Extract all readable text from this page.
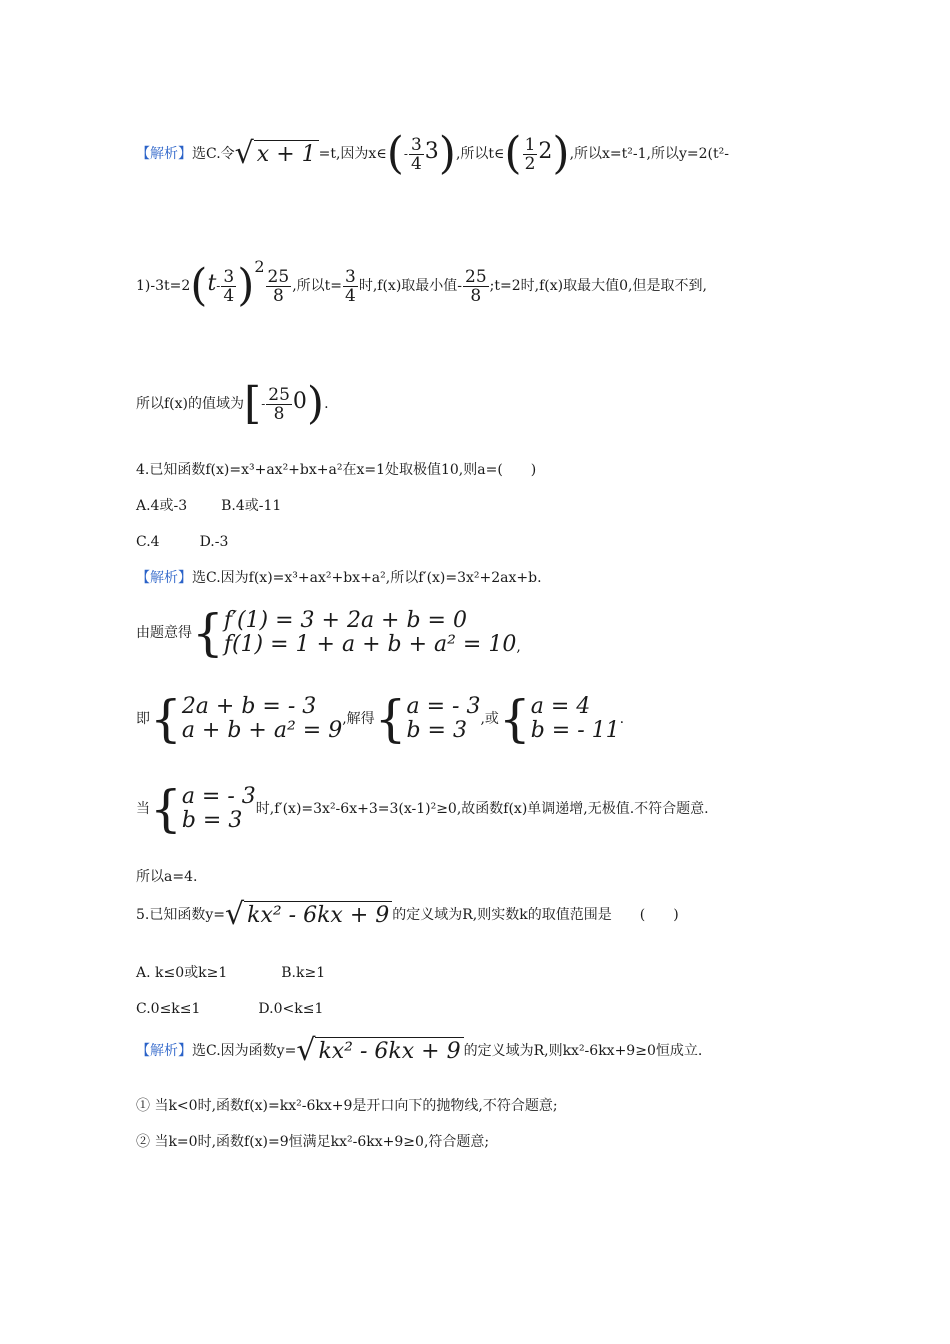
【解析】选C.令 √ x + 1 =t,因为x∈(- $\frac{3}{4} 3$),所以t∈( $\frac{1}{2} 2$),所以x=t²-1,所以y=2(t²-
$1)-3t=2(t- \frac{3}{4} )2$
$\frac{25}{8}$ ,所以$t= \frac{3}{4}$ 时,f(x)取最小值- $\frac{25}{8}$ ;t=2时,f(x)取最大值0,但是取不到,
所以f(x)的值域为[- $\frac{25}{8} 0$).
4.已知函数f(x)=x³+ax²+bx+a²在x=1处取极值10,则a=(　　)
A.4或-3 B.4或-11
C.4	D.-3
【解析】选C.因为f(x)=x³+ax²+bx+a²,所以f′(x)=3x²+2ax+b.
由题意得{ f′(1) = 3 + 2a + b = 0
f(1) = 1 + a + b + a² = 10 ,
即{ 2a + b = - 3
a + b + a² = 9 ,解得{ a = - 3
b = 3 ,或{ a = 4
b = - 11 .
当{ a = - 3
b = 3 时,f′(x)=3x²-6x+3=3(x-1)²≥0,故函数f(x)单调递增,无极值.不符合题意.
所以a=4.
5.已知函数y= √ kx² - 6kx + 9 的定义域为R,则实数k的取值范围是　　(　　)
A. k≤0或k≥1	B.k≥1
C.0≤k≤1	D.0<k≤1
【解析】选C.因为函数y= √ kx² - 6kx + 9 的定义域为R,则kx²-6kx+9≥0恒成立.
① 当k<0时,函数f(x)=kx²-6kx+9是开口向下的抛物线,不符合题意;
② 当k=0时,函数f(x)=9恒满足kx²-6kx+9≥0,符合题意;
